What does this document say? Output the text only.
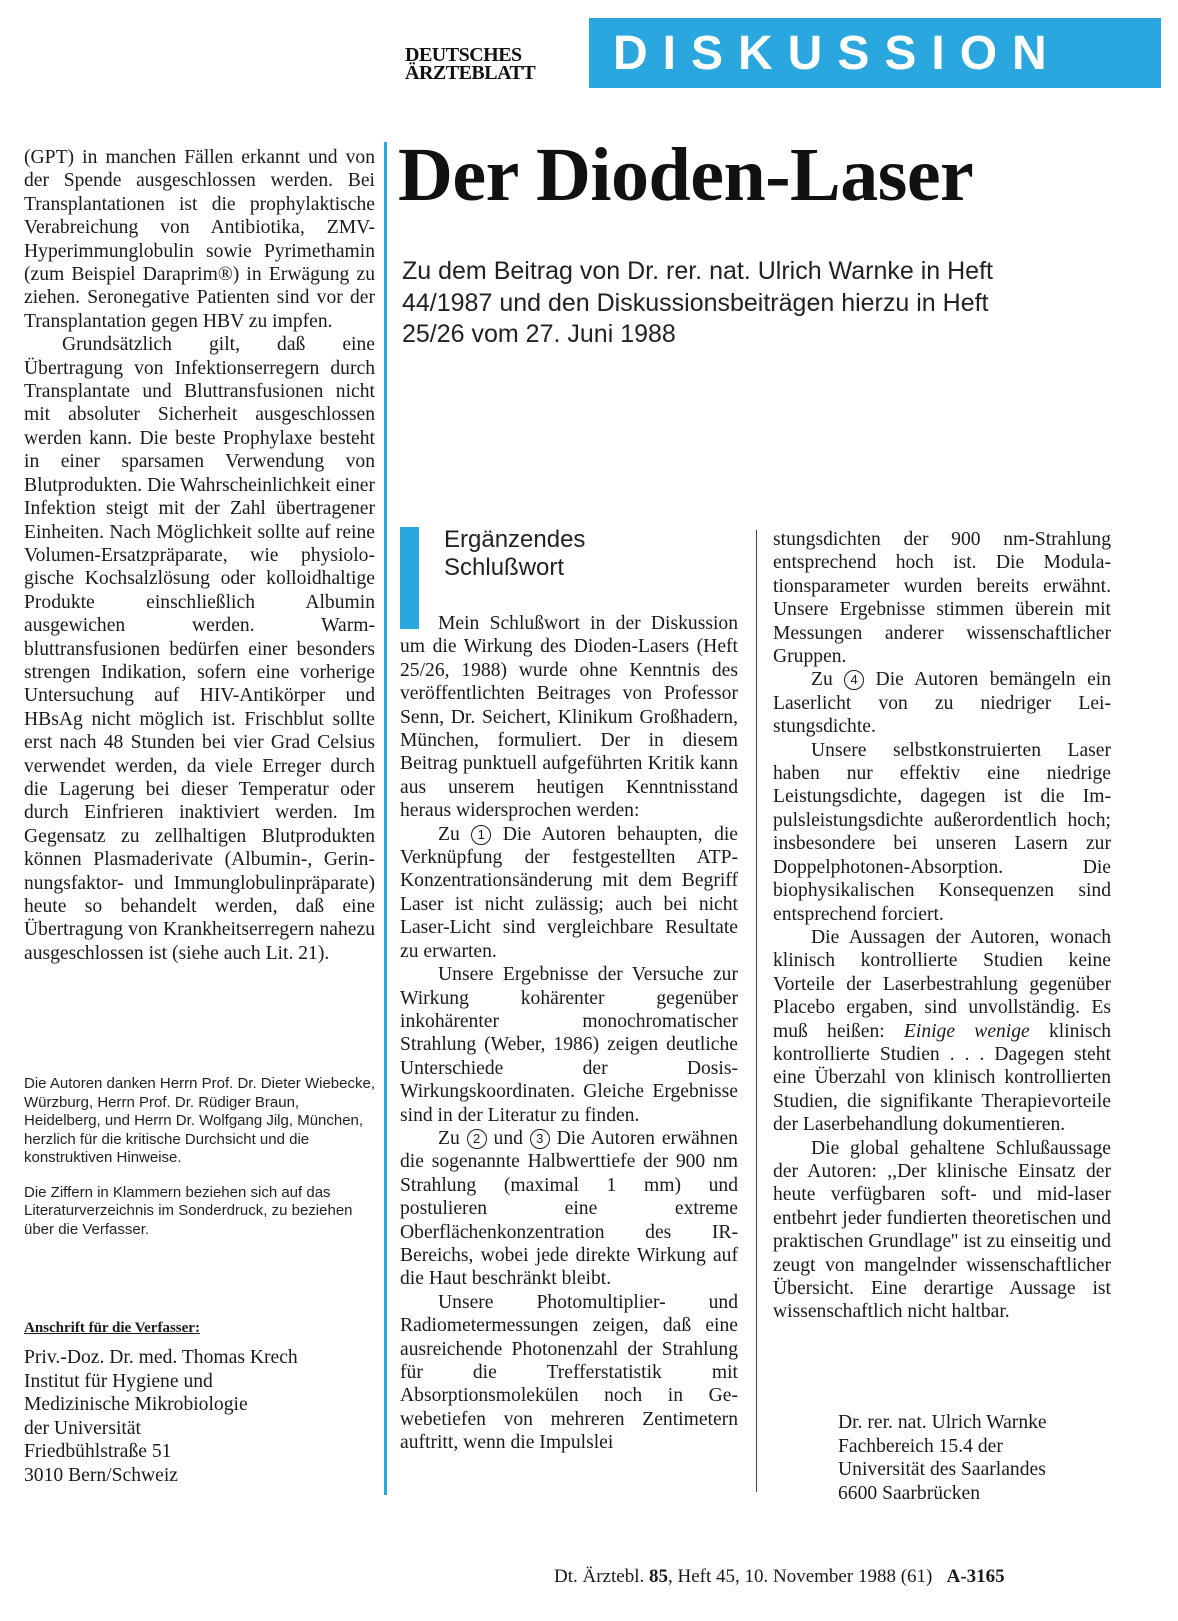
DEUTSCHES
ÄRZTEBLATT	DISKUSSION

(GPT) in manchen Fällen erkannt und von der Spende ausgeschlossen werden. Bei Transplantationen ist die prophylaktische Verabreichung von Antibiotika, ZMV-Hyperimmunglobulin sowie Pyrimethamin (zum Beispiel Daraprim®) in Erwägung zu ziehen. Seronegative Patienten sind vor der Transplantation gegen HBV zu impfen.

Grundsätzlich gilt, daß eine Übertragung von Infektionserregern durch Transplantate und Bluttransfusionen nicht mit absoluter Sicherheit ausgeschlossen werden kann. Die beste Prophylaxe besteht in einer sparsamen Verwendung von Blutprodukten. Die Wahrscheinlichkeit einer Infektion steigt mit der Zahl übertragener Einheiten. Nach Möglichkeit sollte auf reine Volumen-Ersatzpräparate, wie physiologische Kochsalzlösung oder kolloidhaltige Produkte einschließlich Albumin ausgewichen werden. Warmbluttransfusionen bedürfen einer besonders strengen Indikation, sofern eine vorherige Untersuchung auf HIV-Antikörper und HBsAg nicht möglich ist. Frischblut sollte erst nach 48 Stunden bei vier Grad Celsius verwendet werden, da viele Erreger durch die Lagerung bei dieser Temperatur oder durch Einfrieren inaktiviert werden. Im Gegensatz zu zellhaltigen Blutprodukten können Plasmaderivate (Albumin-, Gerinnungsfaktor- und Immunglobulinpräparate) heute so behandelt werden, daß eine Übertragung von Krankheitserregern nahezu ausgeschlossen ist (siehe auch Lit. 21).

Die Autoren danken Herrn Prof. Dr. Dieter Wiebecke, Würzburg, Herrn Prof. Dr. Rüdiger Braun, Heidelberg, und Herrn Dr. Wolfgang Jilg, München, herzlich für die kritische Durchsicht und die konstruktiven Hinweise.

Die Ziffern in Klammern beziehen sich auf das Literaturverzeichnis im Sonderdruck, zu beziehen über die Verfasser.

Anschrift für die Verfasser:
Priv.-Doz. Dr. med. Thomas Krech
Institut für Hygiene und
Medizinische Mikrobiologie
der Universität
Friedbühlstraße 51
3010 Bern/Schweiz
Der Dioden-Laser
Zu dem Beitrag von Dr. rer. nat. Ulrich Warnke in Heft 44/1987 und den Diskussionsbeiträgen hierzu in Heft 25/26 vom 27. Juni 1988
Ergänzendes
Schlußwort

Mein Schlußwort in der Diskussion um die Wirkung des Dioden-Lasers (Heft 25/26, 1988) wurde ohne Kenntnis des veröffentlichten Beitrages von Professor Senn, Dr. Seichert, Klinikum Großhadern, München, formuliert. Der in diesem Beitrag punktuell aufgeführten Kritik kann aus unserem heutigen Kenntnisstand heraus widersprochen werden:

Zu 1 Die Autoren behaupten, die Verknüpfung der festgestellten ATP-Konzentrationsänderung mit dem Begriff Laser ist nicht zulässig; auch bei nicht Laser-Licht sind vergleichbare Resultate zu erwarten.

Unsere Ergebnisse der Versuche zur Wirkung kohärenter gegenüber inkohärenter monochromatischer Strahlung (Weber, 1986) zeigen deutliche Unterschiede der Dosis-Wirkungskoordinaten. Gleiche Ergebnisse sind in der Literatur zu finden.

Zu 2 und 3 Die Autoren erwähnen die sogenannte Halbwerttiefe der 900 nm Strahlung (maximal 1 mm) und postulieren eine extreme Oberflächenkonzentration des IR-Bereichs, wobei jede direkte Wirkung auf die Haut beschränkt bleibt.

Unsere Photomultiplier- und Radiometermessungen zeigen, daß eine ausreichende Photonenzahl der Strahlung für die Trefferstatistik mit Absorptionsmolekülen noch in Gewebetiefen von mehreren Zentimetern auftritt, wenn die Impulslei

stungsdichten der 900 nm-Strahlung entsprechend hoch ist. Die Modulationsparameter wurden bereits erwähnt. Unsere Ergebnisse stimmen überein mit Messungen anderer wissenschaftlicher Gruppen.

Zu 4 Die Autoren bemängeln ein Laserlicht von zu niedriger Leistungsdichte.

Unsere selbstkonstruierten Laser haben nur effektiv eine niedrige Leistungsdichte, dagegen ist die Impulsleistungsdichte außerordentlich hoch; insbesondere bei unseren Lasern zur Doppelphotonen-Absorption. Die biophysikalischen Konsequenzen sind entsprechend forciert.

Die Aussagen der Autoren, wonach klinisch kontrollierte Studien keine Vorteile der Laserbestrahlung gegenüber Placebo ergaben, sind unvollständig. Es muß heißen: Einige wenige klinisch kontrollierte Studien . . . Dagegen steht eine Überzahl von klinisch kontrollierten Studien, die signifikante Therapievorteile der Laserbehandlung dokumentieren.

Die global gehaltene Schlußaussage der Autoren: ,,Der klinische Einsatz der heute verfügbaren soft- und mid-laser entbehrt jeder fundierten theoretischen und praktischen Grundlage'' ist zu einseitig und zeugt von mangelnder wissenschaftlicher Übersicht. Eine derartige Aussage ist wissenschaftlich nicht haltbar.

Dr. rer. nat. Ulrich Warnke
Fachbereich 15.4 der
Universität des Saarlandes
6600 Saarbrücken
Dt. Ärztebl. 85, Heft 45, 10. November 1988 (61) A-3165
